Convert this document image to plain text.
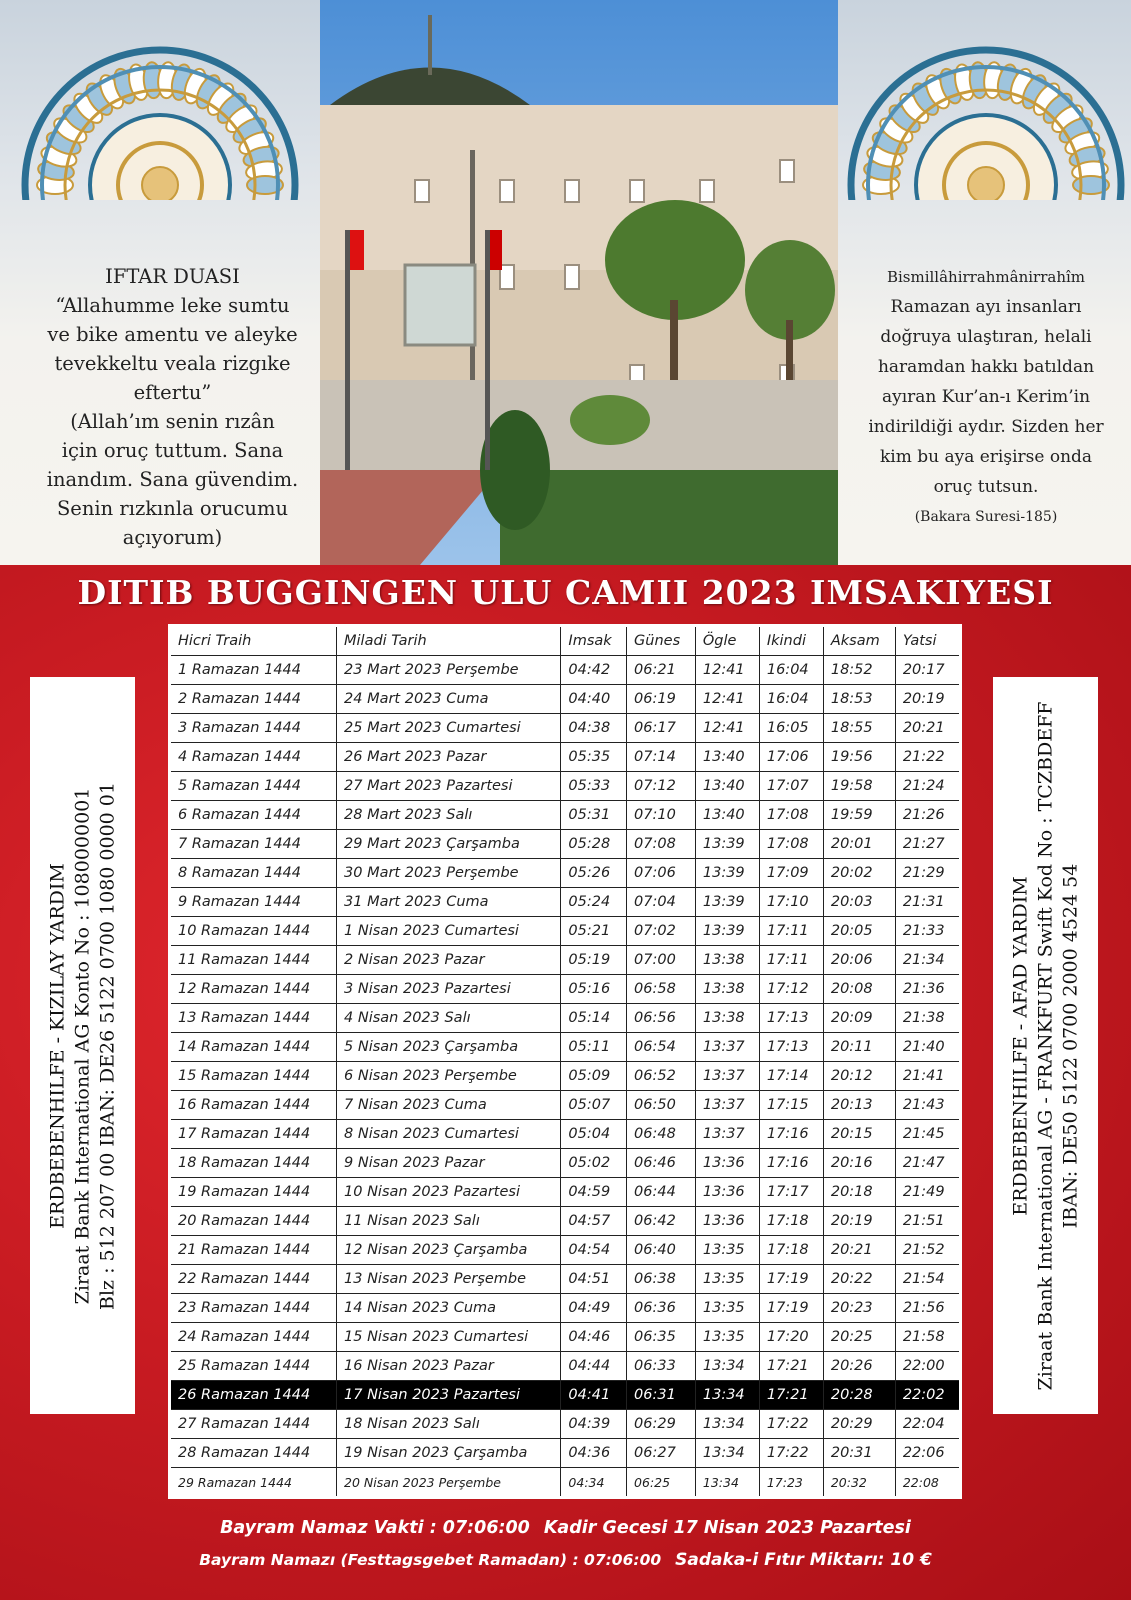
IFTAR DUASI
“Allahumme leke sumtu
ve bike amentu ve aleyke
tevekkeltu veala rizgıke
eftertu”
(Allah’ım senin rızân
için oruç tuttum. Sana
inandım. Sana güvendim.
Senin rızkınla orucumu
açıyorum)
Bismillâhirrahmânirrahîm
Ramazan ayı insanları
doğruya ulaştıran, helali
haramdan hakkı batıldan
ayıran Kur’an-ı Kerim’in
indirildiği aydır. Sizden her
kim bu aya erişirse onda
oruç tutsun.
(Bakara Suresi-185)
DITIB BUGGINGEN ULU CAMII 2023 IMSAKIYESI
ERDBEBENHILFE - KIZILAY YARDIM Ziraat Bank International AG Konto No : 1080000001 Blz : 512 207 00 IBAN: DE26 5122 0700 1080 0000 01	ERDBEBENHILFE - AFAD YARDIM Ziraat Bank International AG - FRANKFURT Swift Kod No : TCZBDEFF IBAN: DE50 5122 0700 2000 4524 54
Hicri Traih	Miladi Tarih	Imsak	Günes	Ögle	Ikindi	Aksam	Yatsi
1 Ramazan 1444	23 Mart 2023 Perşembe	04:42	06:21	12:41	16:04	18:52	20:17
2 Ramazan 1444	24 Mart 2023 Cuma	04:40	06:19	12:41	16:04	18:53	20:19
3 Ramazan 1444	25 Mart 2023 Cumartesi	04:38	06:17	12:41	16:05	18:55	20:21
4 Ramazan 1444	26 Mart 2023 Pazar	05:35	07:14	13:40	17:06	19:56	21:22
5 Ramazan 1444	27 Mart 2023 Pazartesi	05:33	07:12	13:40	17:07	19:58	21:24
6 Ramazan 1444	28 Mart 2023 Salı	05:31	07:10	13:40	17:08	19:59	21:26
7 Ramazan 1444	29 Mart 2023 Çarşamba	05:28	07:08	13:39	17:08	20:01	21:27
8 Ramazan 1444	30 Mart 2023 Perşembe	05:26	07:06	13:39	17:09	20:02	21:29
9 Ramazan 1444	31 Mart 2023 Cuma	05:24	07:04	13:39	17:10	20:03	21:31
10 Ramazan 1444	1 Nisan 2023 Cumartesi	05:21	07:02	13:39	17:11	20:05	21:33
11 Ramazan 1444	2 Nisan 2023 Pazar	05:19	07:00	13:38	17:11	20:06	21:34
12 Ramazan 1444	3 Nisan 2023 Pazartesi	05:16	06:58	13:38	17:12	20:08	21:36
13 Ramazan 1444	4 Nisan 2023 Salı	05:14	06:56	13:38	17:13	20:09	21:38
14 Ramazan 1444	5 Nisan 2023 Çarşamba	05:11	06:54	13:37	17:13	20:11	21:40
15 Ramazan 1444	6 Nisan 2023 Perşembe	05:09	06:52	13:37	17:14	20:12	21:41
16 Ramazan 1444	7 Nisan 2023 Cuma	05:07	06:50	13:37	17:15	20:13	21:43
17 Ramazan 1444	8 Nisan 2023 Cumartesi	05:04	06:48	13:37	17:16	20:15	21:45
18 Ramazan 1444	9 Nisan 2023 Pazar	05:02	06:46	13:36	17:16	20:16	21:47
19 Ramazan 1444	10 Nisan 2023 Pazartesi	04:59	06:44	13:36	17:17	20:18	21:49
20 Ramazan 1444	11 Nisan 2023 Salı	04:57	06:42	13:36	17:18	20:19	21:51
21 Ramazan 1444	12 Nisan 2023 Çarşamba	04:54	06:40	13:35	17:18	20:21	21:52
22 Ramazan 1444	13 Nisan 2023 Perşembe	04:51	06:38	13:35	17:19	20:22	21:54
23 Ramazan 1444	14 Nisan 2023 Cuma	04:49	06:36	13:35	17:19	20:23	21:56
24 Ramazan 1444	15 Nisan 2023 Cumartesi	04:46	06:35	13:35	17:20	20:25	21:58
25 Ramazan 1444	16 Nisan 2023 Pazar	04:44	06:33	13:34	17:21	20:26	22:00
26 Ramazan 1444	17 Nisan 2023 Pazartesi	04:41	06:31	13:34	17:21	20:28	22:02
27 Ramazan 1444	18 Nisan 2023 Salı	04:39	06:29	13:34	17:22	20:29	22:04
28 Ramazan 1444	19 Nisan 2023 Çarşamba	04:36	06:27	13:34	17:22	20:31	22:06
29 Ramazan 1444	20 Nisan 2023 Perşembe	04:34	06:25	13:34	17:23	20:32	22:08
Bayram Namaz Vakti : 07:06:00 Kadir Gecesi 17 Nisan 2023 Pazartesi
Bayram Namazı (Festtagsgebet Ramadan) : 07:06:00 Sadaka-i Fıtır Miktarı: 10 €
